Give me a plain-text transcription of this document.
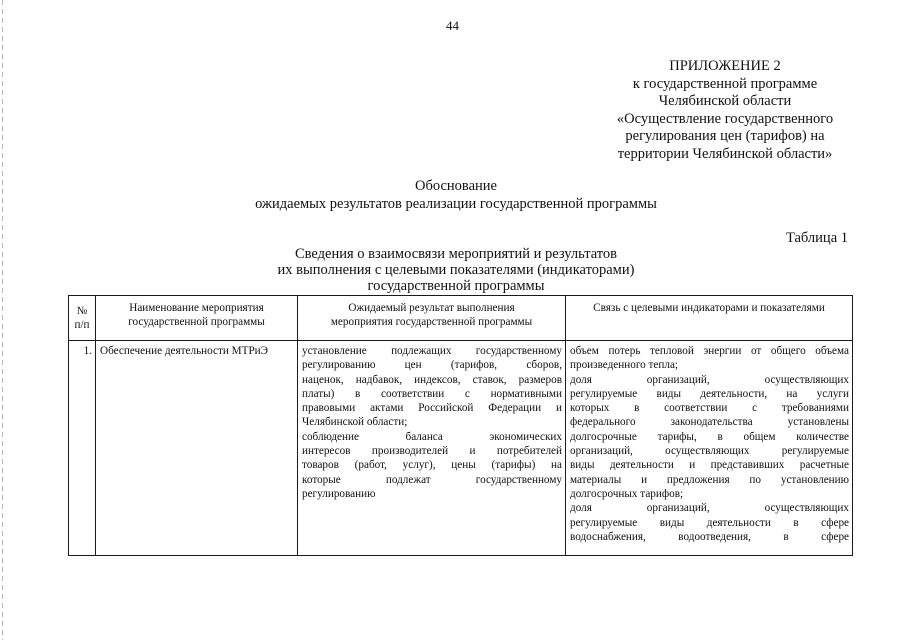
44
ПРИЛОЖЕНИЕ 2
к государственной программе
Челябинской области
«Осуществление государственного
регулирования цен (тарифов) на
территории Челябинской области»
Обоснование
ожидаемых результатов реализации государственной программы
Таблица 1
Сведения о взаимосвязи мероприятий и результатов
их выполнения с целевыми показателями (индикаторами)
государственной программы
№
п/п
Наименование мероприятия
государственной программы
Ожидаемый результат выполнения
мероприятия государственной программы
Связь с целевыми индикаторами и показателями
1. Обеспечение деятельности МТРиЭ	установление подлежащих государственному
регулированию цен (тарифов, сборов,
наценок, надбавок, индексов, ставок, размеров
платы) в соответствии с нормативными
правовыми актами Российской Федерации и
Челябинской области;
соблюдение баланса экономических
интересов производителей и потребителей
товаров (работ, услуг), цены (тарифы) на
которые подлежат государственному
регулированию
объем потерь тепловой энергии от общего объема
произведенного тепла;
доля организаций, осуществляющих
регулируемые виды деятельности, на услуги
которых в соответствии с требованиями
федерального законодательства установлены
долгосрочные тарифы, в общем количестве
организаций, осуществляющих регулируемые
виды деятельности и представивших расчетные
материалы и предложения по установлению
долгосрочных тарифов;
доля организаций, осуществляющих
регулируемые виды деятельности в сфере
водоснабжения, водоотведения, в сфере
